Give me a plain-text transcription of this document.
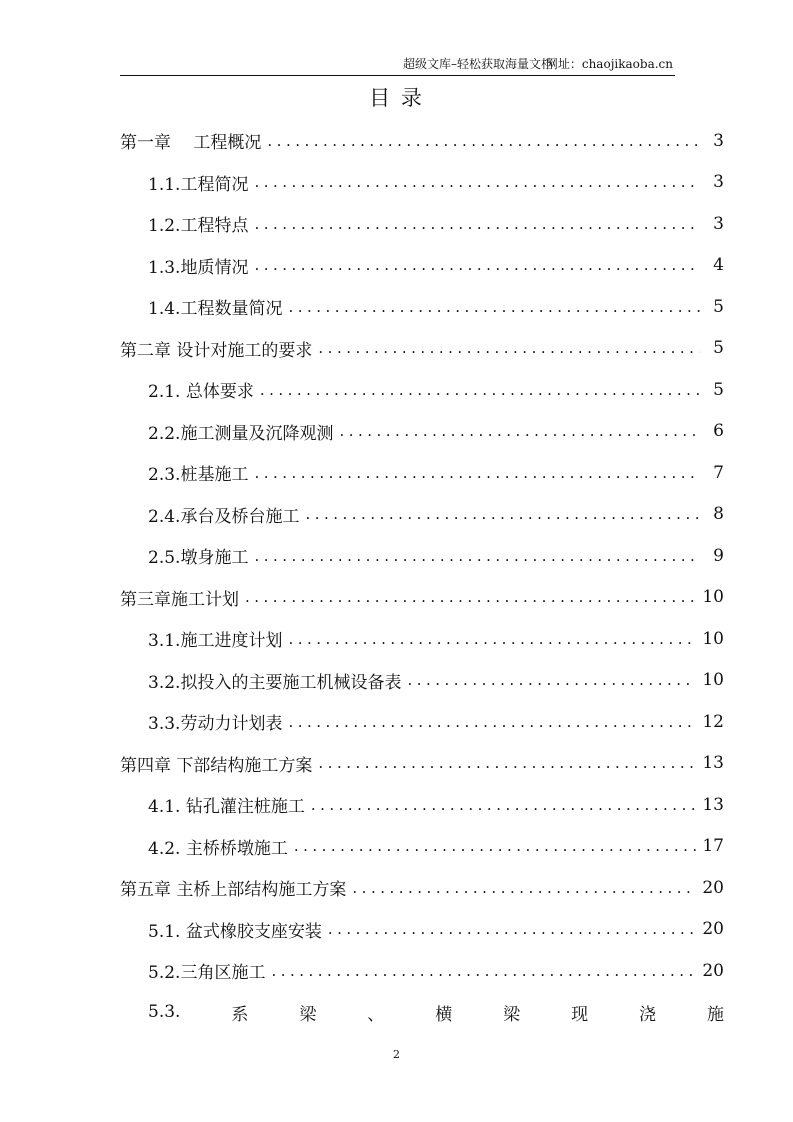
超级文库–轻松获取海量文档
网址：chaojikaoba.cn
目 录
第一章　 工程概况 .....	3
1.1.工程简况 .....	3
1.2.工程特点 .....	3
1.3.地质情况 .....	4
1.4.工程数量简况 .....	5
第二章 设计对施工的要求 .....	5
2.1. 总体要求 .....	5
2.2.施工测量及沉降观测 .....	6
2.3.桩基施工 .....	7
2.4.承台及桥台施工 .....	8
2.5.墩身施工 .....	9
第三章施工计划 .....	10
3.1.施工进度计划 .....	10
3.2.拟投入的主要施工机械设备表 .....	10
3.3.劳动力计划表 .....	12
第四章 下部结构施工方案 .....	13
4.1. 钻孔灌注桩施工 .....	13
4.2. 主桥桥墩施工 .....	17
第五章 主桥上部结构施工方案 .....	20
5.1. 盆式橡胶支座安装 .....	20
5.2.三角区施工 .....	20
5.3.	系	梁	、	横	梁	现	浇	施
2
